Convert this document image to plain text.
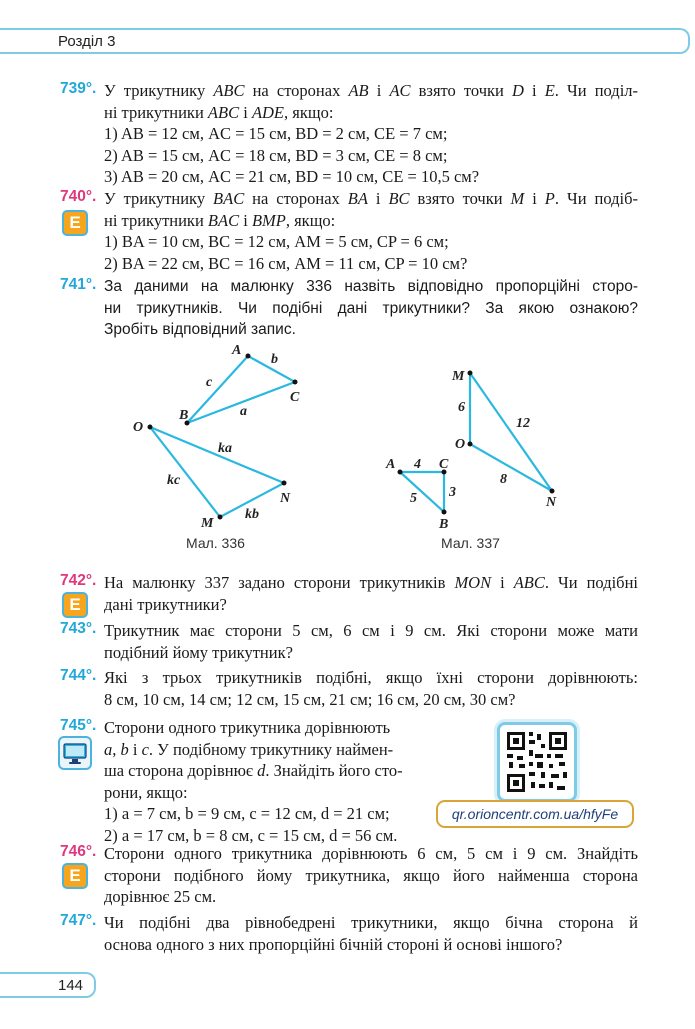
Розділ 3
739°. У трикутнику ABC на сторонах AB і AC взято точки D і E. Чи поділ-
ні трикутники ABC і ADE, якщо:
1) AB = 12 см, AC = 15 см, BD = 2 см, CE = 7 см;
2) AB = 15 см, AC = 18 см, BD = 3 см, CE = 8 см;
3) AB = 20 см, AC = 21 см, BD = 10 см, CE = 10,5 см?
740°.
E
У трикутнику BAC на сторонах BA і BC взято точки M і P. Чи подіб-
ні трикутники BAC і BMP, якщо:
1) BA = 10 см, BC = 12 см, AM = 5 см, CP = 6 см;
2) BA = 22 см, BC = 16 см, AM = 11 см, CP = 10 см?
741°. За даними на малюнку 336 назвіть відповідно пропорційні сторо-
ни трикутників. Чи подібні дані трикутники? За якою ознакою?
Зробіть відповідний запис.
A
b
c
C
B	a
O
ka
kc
N
kb
M
M
6
12
O
8
N
A 4 C
5 3
B
Мал. 336	Мал. 337
742°.
E
На малюнку 337 задано сторони трикутників MON і ABC. Чи подібні
дані трикутники?
743°. Трикутник має сторони 5 см, 6 см і 9 см. Які сторони може мати
подібний йому трикутник?
744°. Які з трьох трикутників подібні, якщо їхні сторони дорівнюють:
8 см, 10 см, 14 см; 12 см, 15 см, 21 см; 16 см, 20 см, 30 см?
745°. Сторони одного трикутника дорівнюють
a, b і c. У подібному трикутнику наймен-
ша сторона дорівнює d. Знайдіть його сто-
рони, якщо:
1) a = 7 см, b = 9 см, c = 12 см, d = 21 см;
2) a = 17 см, b = 8 см, c = 15 см, d = 56 см.
qr.orioncentr.com.ua/hfyFe
746°.
E
Сторони одного трикутника дорівнюють 6 см, 5 см і 9 см. Знайдіть
сторони подібного йому трикутника, якщо його найменша сторона
дорівнює 25 см.
747°. Чи подібні два рівнобедрені трикутники, якщо бічна сторона й
основа одного з них пропорційні бічній стороні й основі іншого?
144
